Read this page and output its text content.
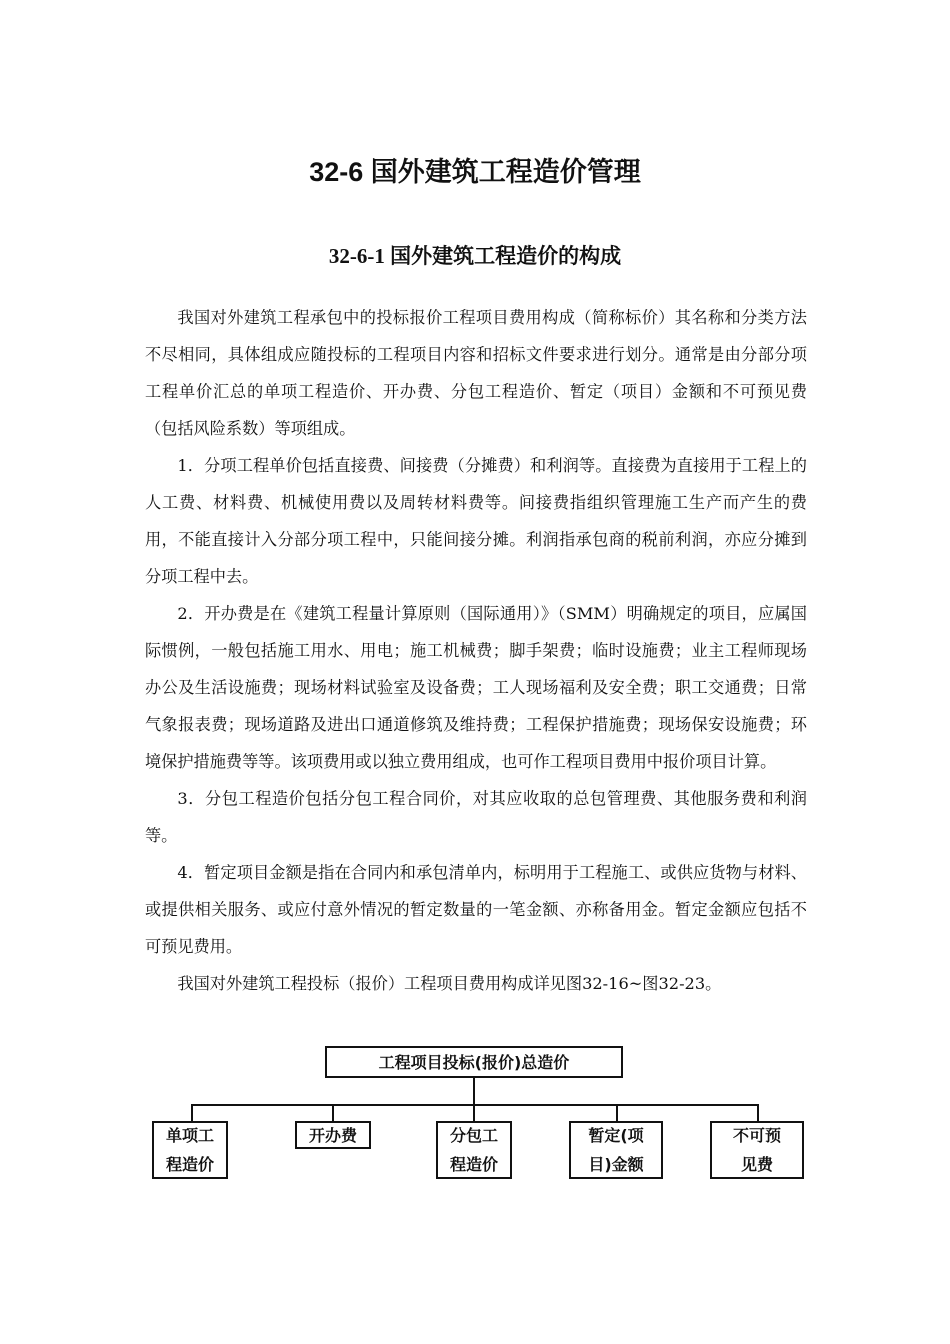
32-6 国外建筑工程造价管理
32-6-1 国外建筑工程造价的构成

我国对外建筑工程承包中的投标报价工程项目费用构成（简称标价）其名称和分类方法不尽相同，具体组成应随投标的工程项目内容和招标文件要求进行划分。通常是由分部分项工程单价汇总的单项工程造价、开办费、分包工程造价、暂定（项目）金额和不可预见费（包括风险系数）等项组成。

1．分项工程单价包括直接费、间接费（分摊费）和利润等。直接费为直接用于工程上的人工费、材料费、机械使用费以及周转材料费等。间接费指组织管理施工生产而产生的费用，不能直接计入分部分项工程中，只能间接分摊。利润指承包商的税前利润，亦应分摊到分项工程中去。

2．开办费是在《建筑工程量计算原则（国际通用）》（SMM）明确规定的项目，应属国际惯例，一般包括施工用水、用电；施工机械费；脚手架费；临时设施费；业主工程师现场办公及生活设施费；现场材料试验室及设备费；工人现场福利及安全费；职工交通费；日常气象报表费；现场道路及进出口通道修筑及维持费；工程保护措施费；现场保安设施费；环境保护措施费等等。该项费用或以独立费用组成，也可作工程项目费用中报价项目计算。

3．分包工程造价包括分包工程合同价，对其应收取的总包管理费、其他服务费和利润等。

4．暂定项目金额是指在合同内和承包清单内，标明用于工程施工、或供应货物与材料、或提供相关服务、或应付意外情况的暂定数量的一笔金额、亦称备用金。暂定金额应包括不可预见费用。

我国对外建筑工程投标（报价）工程项目费用构成详见图32-16~图32-23。

工程项目投标(报价)总造价
单项工
程造价
开办费	分包工
程造价
暂定(项
目)金额
不可预
见费
